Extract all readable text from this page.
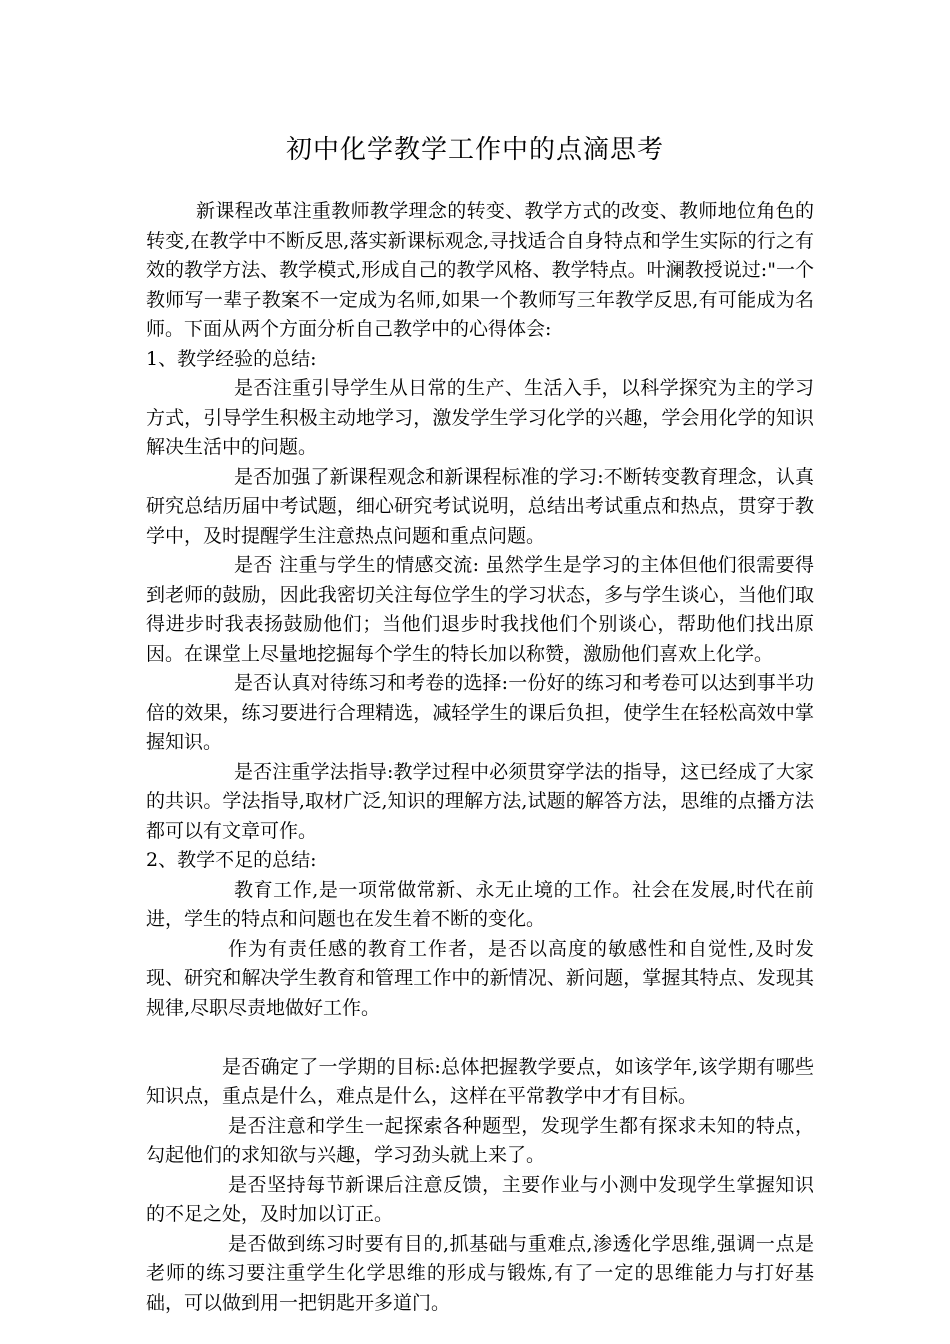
初中化学教学工作中的点滴思考

新课程改革注重教师教学理念的转变、教学方式的改变、教师地位角色的转变,在教学中不断反思,落实新课标观念,寻找适合自身特点和学生实际的行之有效的教学方法、教学模式,形成自己的教学风格、教学特点。叶澜教授说过:"一个教师写一辈子教案不一定成为名师,如果一个教师写三年教学反思,有可能成为名师。下面从两个方面分析自己教学中的心得体会:

1、教学经验的总结:

是否注重引导学生从日常的生产、生活入手，以科学探究为主的学习方式，引导学生积极主动地学习，激发学生学习化学的兴趣，学会用化学的知识解决生活中的问题。

是否加强了新课程观念和新课程标准的学习:不断转变教育理念，认真研究总结历届中考试题，细心研究考试说明，总结出考试重点和热点，贯穿于教学中，及时提醒学生注意热点问题和重点问题。

是否 注重与学生的情感交流: 虽然学生是学习的主体但他们很需要得到老师的鼓励，因此我密切关注每位学生的学习状态，多与学生谈心，当他们取得进步时我表扬鼓励他们；当他们退步时我找他们个别谈心，帮助他们找出原因。在课堂上尽量地挖掘每个学生的特长加以称赞，激励他们喜欢上化学。

是否认真对待练习和考卷的选择:一份好的练习和考卷可以达到事半功倍的效果，练习要进行合理精选，减轻学生的课后负担，使学生在轻松高效中掌握知识。

是否注重学法指导:教学过程中必须贯穿学法的指导，这已经成了大家的共识。学法指导,取材广泛,知识的理解方法,试题的解答方法，思维的点播方法都可以有文章可作。

2、教学不足的总结:

教育工作,是一项常做常新、永无止境的工作。社会在发展,时代在前进，学生的特点和问题也在发生着不断的变化。

作为有责任感的教育工作者，是否以高度的敏感性和自觉性,及时发现、研究和解决学生教育和管理工作中的新情况、新问题，掌握其特点、发现其规律,尽职尽责地做好工作。

是否确定了一学期的目标:总体把握教学要点，如该学年,该学期有哪些知识点，重点是什么，难点是什么，这样在平常教学中才有目标。

是否注意和学生一起探索各种题型，发现学生都有探求未知的特点，勾起他们的求知欲与兴趣，学习劲头就上来了。

是否坚持每节新课后注意反馈，主要作业与小测中发现学生掌握知识的不足之处，及时加以订正。

是否做到练习时要有目的,抓基础与重难点,渗透化学思维,强调一点是老师的练习要注重学生化学思维的形成与锻炼,有了一定的思维能力与打好基础，可以做到用一把钥匙开多道门。
